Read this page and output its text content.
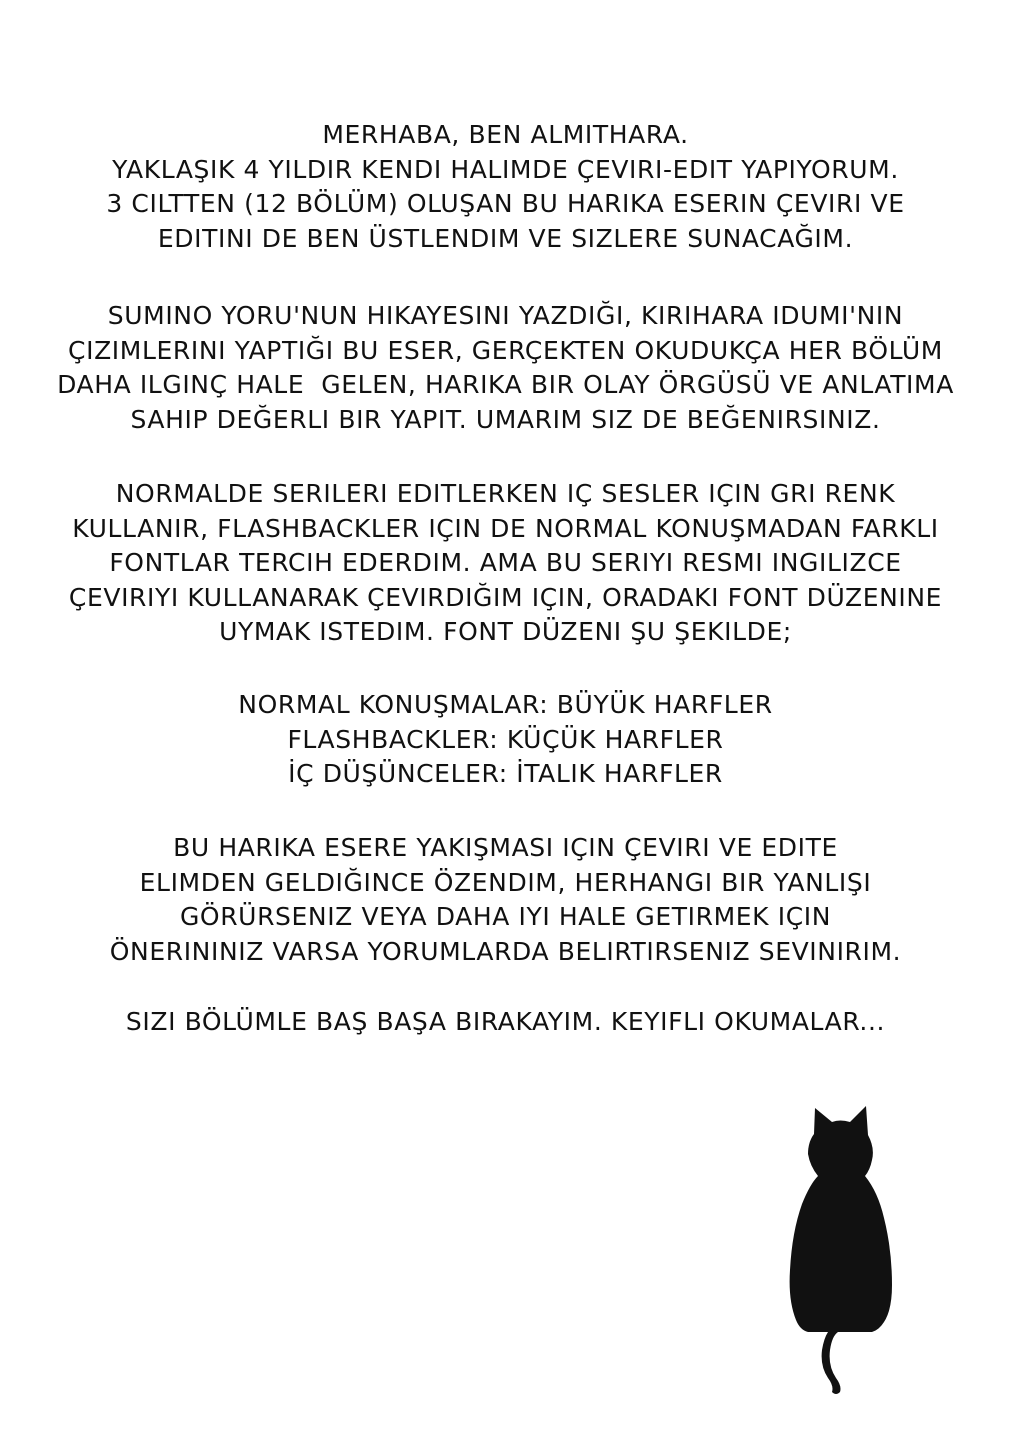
MERHABA, BEN ALMITHARA.
YAKLAŞIK 4 YILDIR KENDI HALIMDE ÇEVIRI-EDIT YAPIYORUM.
3 CILTTEN (12 BÖLÜM) OLUŞAN BU HARIKA ESERIN ÇEVIRI VE
EDITINI DE BEN ÜSTLENDIM VE SIZLERE SUNACAĞIM.
SUMINO YORU'NUN HIKAYESINI YAZDIĞI, KIRIHARA IDUMI'NIN
ÇIZIMLERINI YAPTIĞI BU ESER, GERÇEKTEN OKUDUKÇA HER BÖLÜM
DAHA ILGINÇ HALE  GELEN, HARIKA BIR OLAY ÖRGÜSÜ VE ANLATIMA
SAHIP DEĞERLI BIR YAPIT. UMARIM SIZ DE BEĞENIRSINIZ.
NORMALDE SERILERI EDITLERKEN IÇ SESLER IÇIN GRI RENK
KULLANIR, FLASHBACKLER IÇIN DE NORMAL KONUŞMADAN FARKLI
FONTLAR TERCIH EDERDIM. AMA BU SERIYI RESMI INGILIZCE
ÇEVIRIYI KULLANARAK ÇEVIRDIĞIM IÇIN, ORADAKI FONT DÜZENINE
UYMAK ISTEDIM. FONT DÜZENI ŞU ŞEKILDE;
NORMAL KONUŞMALAR: BÜYÜK HARFLER
FLASHBACKLER: KÜÇÜK HARFLER
İÇ DÜŞÜNCELER: İTALIK HARFLER
BU HARIKA ESERE YAKIŞMASI IÇIN ÇEVIRI VE EDITE
ELIMDEN GELDIĞINCE ÖZENDIM, HERHANGI BIR YANLIŞI
GÖRÜRSENIZ VEYA DAHA IYI HALE GETIRMEK IÇIN
ÖNERININIZ VARSA YORUMLARDA BELIRTIRSENIZ SEVINIRIM.
SIZI BÖLÜMLE BAŞ BAŞA BIRAKAYIM. KEYIFLI OKUMALAR...
